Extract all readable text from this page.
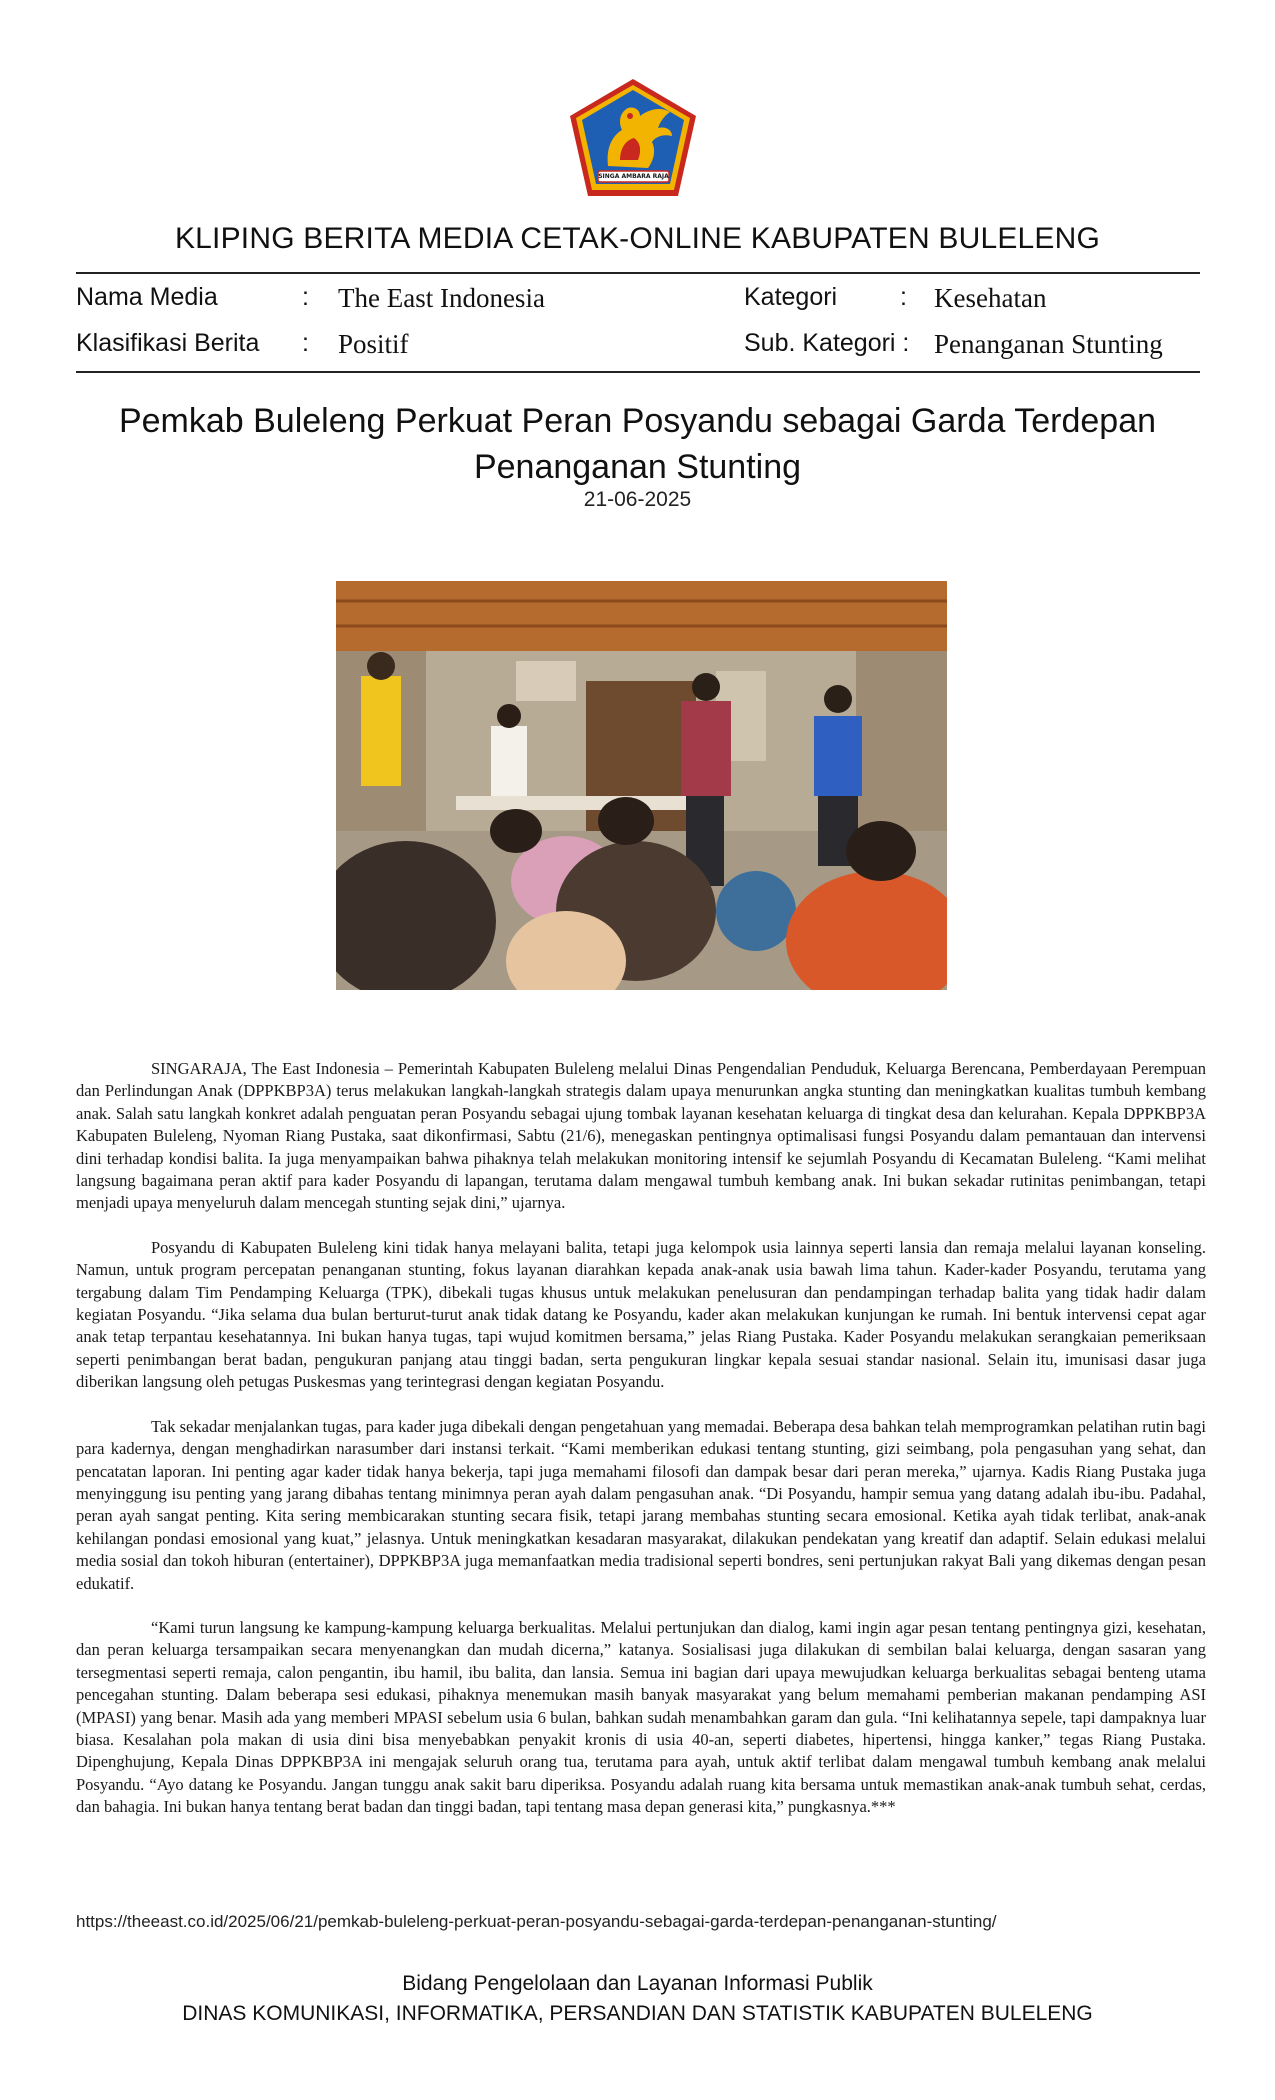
SINGA AMBARA RAJA
KLIPING BERITA MEDIA CETAK-ONLINE KABUPATEN BULELENG
Nama Media	: The East Indonesia	Kategori	: Kesehatan
Klasifikasi Berita : Positif	Sub. Kategori : Penanganan Stunting
Pemkab Buleleng Perkuat Peran Posyandu sebagai Garda Terdepan Penanganan Stunting
21-06-2025

SINGARAJA, The East Indonesia – Pemerintah Kabupaten Buleleng melalui Dinas Pengendalian Penduduk, Keluarga Berencana, Pemberdayaan Perempuan dan Perlindungan Anak (DPPKBP3A) terus melakukan langkah-langkah strategis dalam upaya menurunkan angka stunting dan meningkatkan kualitas tumbuh kembang anak. Salah satu langkah konkret adalah penguatan peran Posyandu sebagai ujung tombak layanan kesehatan keluarga di tingkat desa dan kelurahan. Kepala DPPKBP3A Kabupaten Buleleng, Nyoman Riang Pustaka, saat dikonfirmasi, Sabtu (21/6), menegaskan pentingnya optimalisasi fungsi Posyandu dalam pemantauan dan intervensi dini terhadap kondisi balita. Ia juga menyampaikan bahwa pihaknya telah melakukan monitoring intensif ke sejumlah Posyandu di Kecamatan Buleleng. “Kami melihat langsung bagaimana peran aktif para kader Posyandu di lapangan, terutama dalam mengawal tumbuh kembang anak. Ini bukan sekadar rutinitas penimbangan, tetapi menjadi upaya menyeluruh dalam mencegah stunting sejak dini,” ujarnya.

Posyandu di Kabupaten Buleleng kini tidak hanya melayani balita, tetapi juga kelompok usia lainnya seperti lansia dan remaja melalui layanan konseling. Namun, untuk program percepatan penanganan stunting, fokus layanan diarahkan kepada anak-anak usia bawah lima tahun. Kader-kader Posyandu, terutama yang tergabung dalam Tim Pendamping Keluarga (TPK), dibekali tugas khusus untuk melakukan penelusuran dan pendampingan terhadap balita yang tidak hadir dalam kegiatan Posyandu. “Jika selama dua bulan berturut-turut anak tidak datang ke Posyandu, kader akan melakukan kunjungan ke rumah. Ini bentuk intervensi cepat agar anak tetap terpantau kesehatannya. Ini bukan hanya tugas, tapi wujud komitmen bersama,” jelas Riang Pustaka. Kader Posyandu melakukan serangkaian pemeriksaan seperti penimbangan berat badan, pengukuran panjang atau tinggi badan, serta pengukuran lingkar kepala sesuai standar nasional. Selain itu, imunisasi dasar juga diberikan langsung oleh petugas Puskesmas yang terintegrasi dengan kegiatan Posyandu.

Tak sekadar menjalankan tugas, para kader juga dibekali dengan pengetahuan yang memadai. Beberapa desa bahkan telah memprogramkan pelatihan rutin bagi para kadernya, dengan menghadirkan narasumber dari instansi terkait. “Kami memberikan edukasi tentang stunting, gizi seimbang, pola pengasuhan yang sehat, dan pencatatan laporan. Ini penting agar kader tidak hanya bekerja, tapi juga memahami filosofi dan dampak besar dari peran mereka,” ujarnya. Kadis Riang Pustaka juga menyinggung isu penting yang jarang dibahas tentang minimnya peran ayah dalam pengasuhan anak. “Di Posyandu, hampir semua yang datang adalah ibu-ibu. Padahal, peran ayah sangat penting. Kita sering membicarakan stunting secara fisik, tetapi jarang membahas stunting secara emosional. Ketika ayah tidak terlibat, anak-anak kehilangan pondasi emosional yang kuat,” jelasnya. Untuk meningkatkan kesadaran masyarakat, dilakukan pendekatan yang kreatif dan adaptif. Selain edukasi melalui media sosial dan tokoh hiburan (entertainer), DPPKBP3A juga memanfaatkan media tradisional seperti bondres, seni pertunjukan rakyat Bali yang dikemas dengan pesan edukatif.

“Kami turun langsung ke kampung-kampung keluarga berkualitas. Melalui pertunjukan dan dialog, kami ingin agar pesan tentang pentingnya gizi, kesehatan, dan peran keluarga tersampaikan secara menyenangkan dan mudah dicerna,” katanya. Sosialisasi juga dilakukan di sembilan balai keluarga, dengan sasaran yang tersegmentasi seperti remaja, calon pengantin, ibu hamil, ibu balita, dan lansia. Semua ini bagian dari upaya mewujudkan keluarga berkualitas sebagai benteng utama pencegahan stunting. Dalam beberapa sesi edukasi, pihaknya menemukan masih banyak masyarakat yang belum memahami pemberian makanan pendamping ASI (MPASI) yang benar. Masih ada yang memberi MPASI sebelum usia 6 bulan, bahkan sudah menambahkan garam dan gula. “Ini kelihatannya sepele, tapi dampaknya luar biasa. Kesalahan pola makan di usia dini bisa menyebabkan penyakit kronis di usia 40-an, seperti diabetes, hipertensi, hingga kanker,” tegas Riang Pustaka. Dipenghujung, Kepala Dinas DPPKBP3A ini mengajak seluruh orang tua, terutama para ayah, untuk aktif terlibat dalam mengawal tumbuh kembang anak melalui Posyandu. “Ayo datang ke Posyandu. Jangan tunggu anak sakit baru diperiksa. Posyandu adalah ruang kita bersama untuk memastikan anak-anak tumbuh sehat, cerdas, dan bahagia. Ini bukan hanya tentang berat badan dan tinggi badan, tapi tentang masa depan generasi kita,” pungkasnya.***

https://theeast.co.id/2025/06/21/pemkab-buleleng-perkuat-peran-posyandu-sebagai-garda-terdepan-penanganan-stunting/
Bidang Pengelolaan dan Layanan Informasi Publik
DINAS KOMUNIKASI, INFORMATIKA, PERSANDIAN DAN STATISTIK KABUPATEN BULELENG
